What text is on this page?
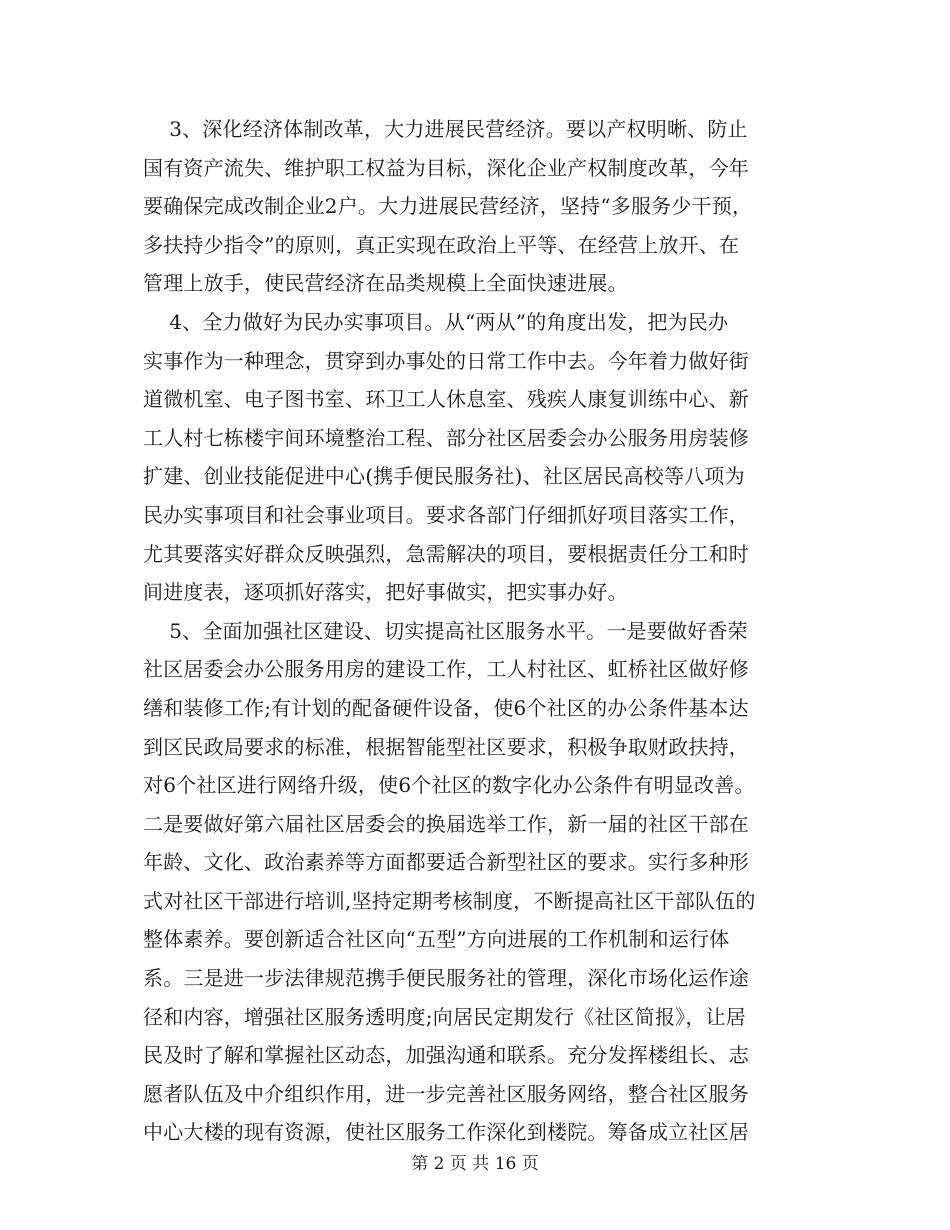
3、深化经济体制改革，大力进展民营经济。要以产权明晰、防止
国有资产流失、维护职工权益为目标，深化企业产权制度改革，今年
要确保完成改制企业2户。大力进展民营经济，坚持“多服务少干预，
多扶持少指令”的原则，真正实现在政治上平等、在经营上放开、在
管理上放手，使民营经济在品类规模上全面快速进展。
4、全力做好为民办实事项目。从“两从”的角度出发，把为民办
实事作为一种理念，贯穿到办事处的日常工作中去。今年着力做好街
道微机室、电子图书室、环卫工人休息室、残疾人康复训练中心、新
工人村七栋楼宇间环境整治工程、部分社区居委会办公服务用房装修
扩建、创业技能促进中心(携手便民服务社)、社区居民高校等八项为
民办实事项目和社会事业项目。要求各部门仔细抓好项目落实工作，
尤其要落实好群众反映强烈，急需解决的项目，要根据责任分工和时
间进度表，逐项抓好落实，把好事做实，把实事办好。
5、全面加强社区建设、切实提高社区服务水平。一是要做好香荣
社区居委会办公服务用房的建设工作，工人村社区、虹桥社区做好修
缮和装修工作;有计划的配备硬件设备，使6个社区的办公条件基本达
到区民政局要求的标准，根据智能型社区要求，积极争取财政扶持，
对6个社区进行网络升级，使6个社区的数字化办公条件有明显改善。
二是要做好第六届社区居委会的换届选举工作，新一届的社区干部在
年龄、文化、政治素养等方面都要适合新型社区的要求。实行多种形
式对社区干部进行培训,坚持定期考核制度，不断提高社区干部队伍的
整体素养。要创新适合社区向“五型”方向进展的工作机制和运行体
系。三是进一步法律规范携手便民服务社的管理，深化市场化运作途
径和内容，增强社区服务透明度;向居民定期发行《社区简报》，让居
民及时了解和掌握社区动态，加强沟通和联系。充分发挥楼组长、志
愿者队伍及中介组织作用，进一步完善社区服务网络，整合社区服务
中心大楼的现有资源，使社区服务工作深化到楼院。筹备成立社区居
第 2 页 共 16 页
